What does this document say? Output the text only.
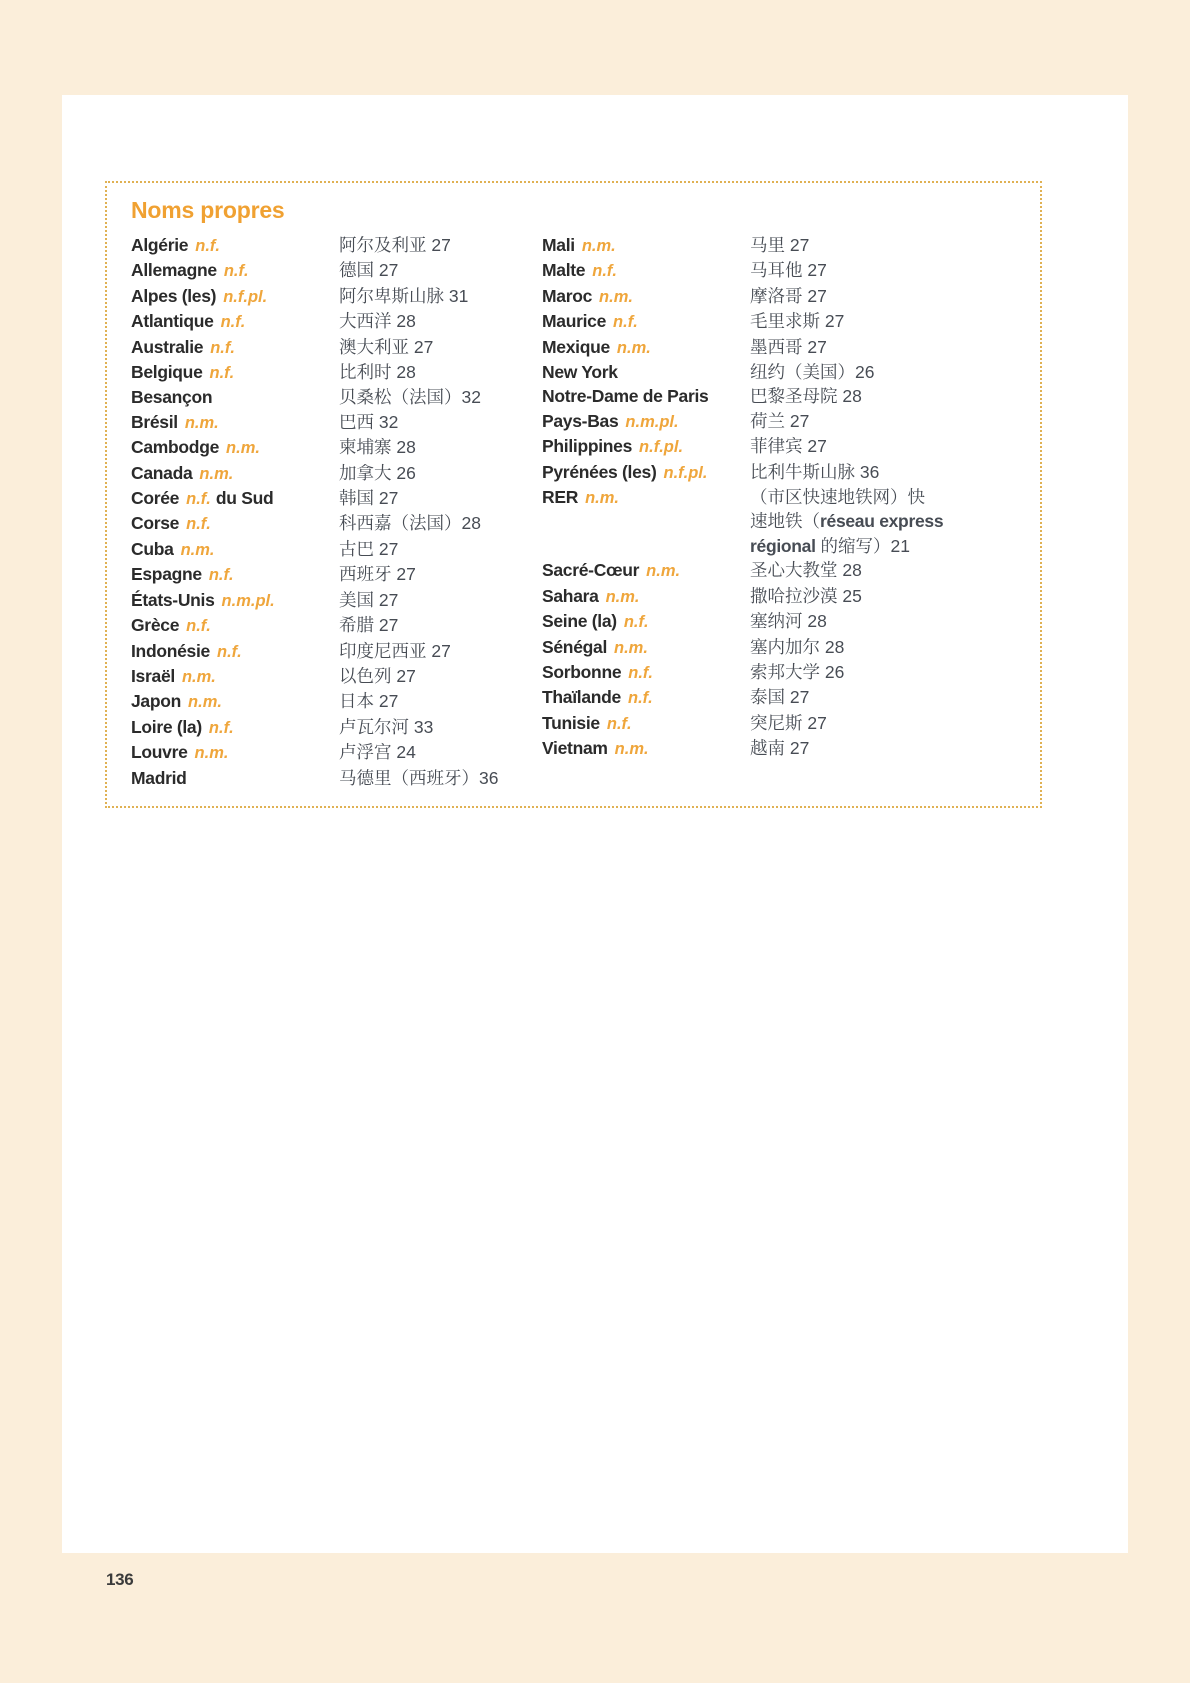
Noms propres
Algérie n.f.	阿尔及利亚 27
Allemagne n.f.	德国 27
Alpes (les) n.f.pl.	阿尔卑斯山脉 31
Atlantique n.f.	大西洋 28
Australie n.f.	澳大利亚 27
Belgique n.f.	比利时 28
Besançon	贝桑松（法国）32
Brésil n.m.	巴西 32
Cambodge n.m.	柬埔寨 28
Canada n.m.	加拿大 26
Corée n.f. du Sud	韩国 27
Corse n.f.	科西嘉（法国）28
Cuba n.m.	古巴 27
Espagne n.f.	西班牙 27
États-Unis n.m.pl.	美国 27
Grèce n.f.	希腊 27
Indonésie n.f.	印度尼西亚 27
Israël n.m.	以色列 27
Japon n.m.	日本 27
Loire (la) n.f.	卢瓦尔河 33
Louvre n.m.	卢浮宫 24
Madrid	马德里（西班牙）36
Mali n.m.	马里 27
Malte n.f.	马耳他 27
Maroc n.m.	摩洛哥 27
Maurice n.f.	毛里求斯 27
Mexique n.m.	墨西哥 27
New York	纽约（美国）26
Notre-Dame de Paris	巴黎圣母院 28
Pays-Bas n.m.pl.	荷兰 27
Philippines n.f.pl.	菲律宾 27
Pyrénées (les) n.f.pl.	比利牛斯山脉 36
RER n.m.	（市区快速地铁网）快
速地铁（réseau express
régional 的缩写）21
Sacré-Cœur n.m.	圣心大教堂 28
Sahara n.m.	撒哈拉沙漠 25
Seine (la) n.f.	塞纳河 28
Sénégal n.m.	塞内加尔 28
Sorbonne n.f.	索邦大学 26
Thaïlande n.f.	泰国 27
Tunisie n.f.	突尼斯 27
Vietnam n.m.	越南 27
136
